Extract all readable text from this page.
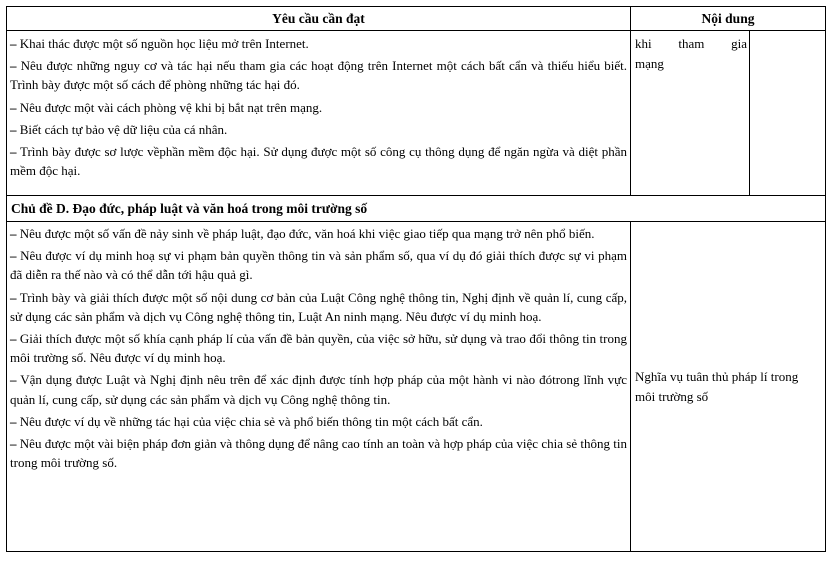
Yêu cầu cần đạt	Nội dung
– Khai thác được một số nguồn học liệu mở trên Internet.
– Nêu được những nguy cơ và tác hại nếu tham gia các hoạt động trên Internet một cách bất cẩn và thiếu hiểu biết. Trình bày được một số cách để phòng những tác hại đó.
– Nêu được một vài cách phòng vệ khi bị bắt nạt trên mạng.
– Biết cách tự bảo vệ dữ liệu của cá nhân.
– Trình bày được sơ lược vềphần mềm độc hại. Sử dụng được một số công cụ thông dụng để ngăn ngừa và diệt phần mềm độc hại.
khi tham gia
mạng
Chủ đề D. Đạo đức, pháp luật và văn hoá trong môi trường số
– Nêu được một số vấn đề nảy sinh về pháp luật, đạo đức, văn hoá khi việc giao tiếp qua mạng trở nên phổ biến.
– Nêu được ví dụ minh hoạ sự vi phạm bản quyền thông tin và sản phẩm số, qua ví dụ đó giải thích được sự vi phạm đã diễn ra thế nào và có thể dẫn tới hậu quả gì.
– Trình bày và giải thích được một số nội dung cơ bản của Luật Công nghệ thông tin, Nghị định về quản lí, cung cấp, sử dụng các sản phẩm và dịch vụ Công nghệ thông tin, Luật An ninh mạng. Nêu được ví dụ minh hoạ.
– Giải thích được một số khía cạnh pháp lí của vấn đề bản quyền, của việc sở hữu, sử dụng và trao đổi thông tin trong môi trường số. Nêu được ví dụ minh hoạ.
– Vận dụng được Luật và Nghị định nêu trên để xác định được tính hợp pháp của một hành vi nào đótrong lĩnh vực quản lí, cung cấp, sử dụng các sản phẩm và dịch vụ Công nghệ thông tin.
– Nêu được ví dụ về những tác hại của việc chia sẻ và phổ biến thông tin một cách bất cẩn.
– Nêu được một vài biện pháp đơn giản và thông dụng để nâng cao tính an toàn và hợp pháp của việc chia sẻ thông tin trong môi trường số.
Nghĩa vụ tuân thủ pháp lí trong môi trường số
